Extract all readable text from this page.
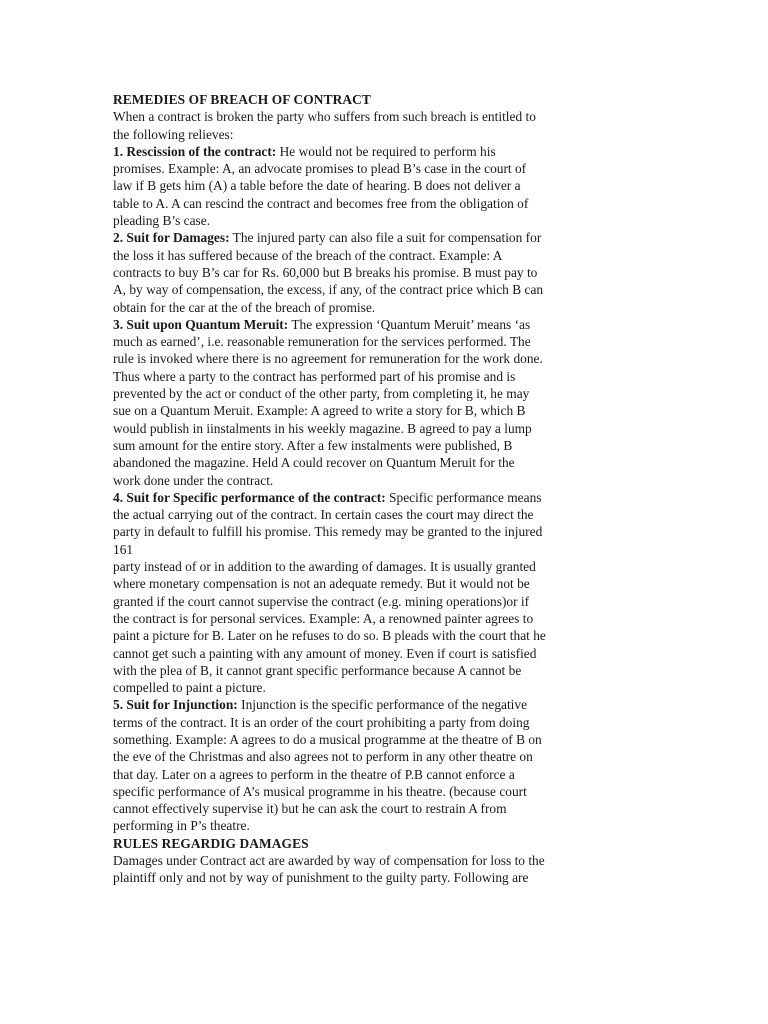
REMEDIES OF BREACH OF CONTRACT
When a contract is broken the party who suffers from such breach is entitled to
the following relieves:
1. Rescission of the contract: He would not be required to perform his
promises. Example: A, an advocate promises to plead B’s case in the court of
law if B gets him (A) a table before the date of hearing. B does not deliver a
table to A. A can rescind the contract and becomes free from the obligation of
pleading B’s case.
2. Suit for Damages: The injured party can also file a suit for compensation for
the loss it has suffered because of the breach of the contract. Example: A
contracts to buy B’s car for Rs. 60,000 but B breaks his promise. B must pay to
A, by way of compensation, the excess, if any, of the contract price which B can
obtain for the car at the of the breach of promise.
3. Suit upon Quantum Meruit: The expression ‘Quantum Meruit’ means ‘as
much as earned’, i.e. reasonable remuneration for the services performed. The
rule is invoked where there is no agreement for remuneration for the work done.
Thus where a party to the contract has performed part of his promise and is
prevented by the act or conduct of the other party, from completing it, he may
sue on a Quantum Meruit. Example: A agreed to write a story for B, which B
would publish in iinstalments in his weekly magazine. B agreed to pay a lump
sum amount for the entire story. After a few instalments were published, B
abandoned the magazine. Held A could recover on Quantum Meruit for the
work done under the contract.
4. Suit for Specific performance of the contract: Specific performance means
the actual carrying out of the contract. In certain cases the court may direct the
party in default to fulfill his promise. This remedy may be granted to the injured
161
party instead of or in addition to the awarding of damages. It is usually granted
where monetary compensation is not an adequate remedy. But it would not be
granted if the court cannot supervise the contract (e.g. mining operations)or if
the contract is for personal services. Example: A, a renowned painter agrees to
paint a picture for B. Later on he refuses to do so. B pleads with the court that he
cannot get such a painting with any amount of money. Even if court is satisfied
with the plea of B, it cannot grant specific performance because A cannot be
compelled to paint a picture.
5. Suit for Injunction: Injunction is the specific performance of the negative
terms of the contract. It is an order of the court prohibiting a party from doing
something. Example: A agrees to do a musical programme at the theatre of B on
the eve of the Christmas and also agrees not to perform in any other theatre on
that day. Later on a agrees to perform in the theatre of P.B cannot enforce a
specific performance of A’s musical programme in his theatre. (because court
cannot effectively supervise it) but he can ask the court to restrain A from
performing in P’s theatre.
RULES REGARDIG DAMAGES
Damages under Contract act are awarded by way of compensation for loss to the
plaintiff only and not by way of punishment to the guilty party. Following are
